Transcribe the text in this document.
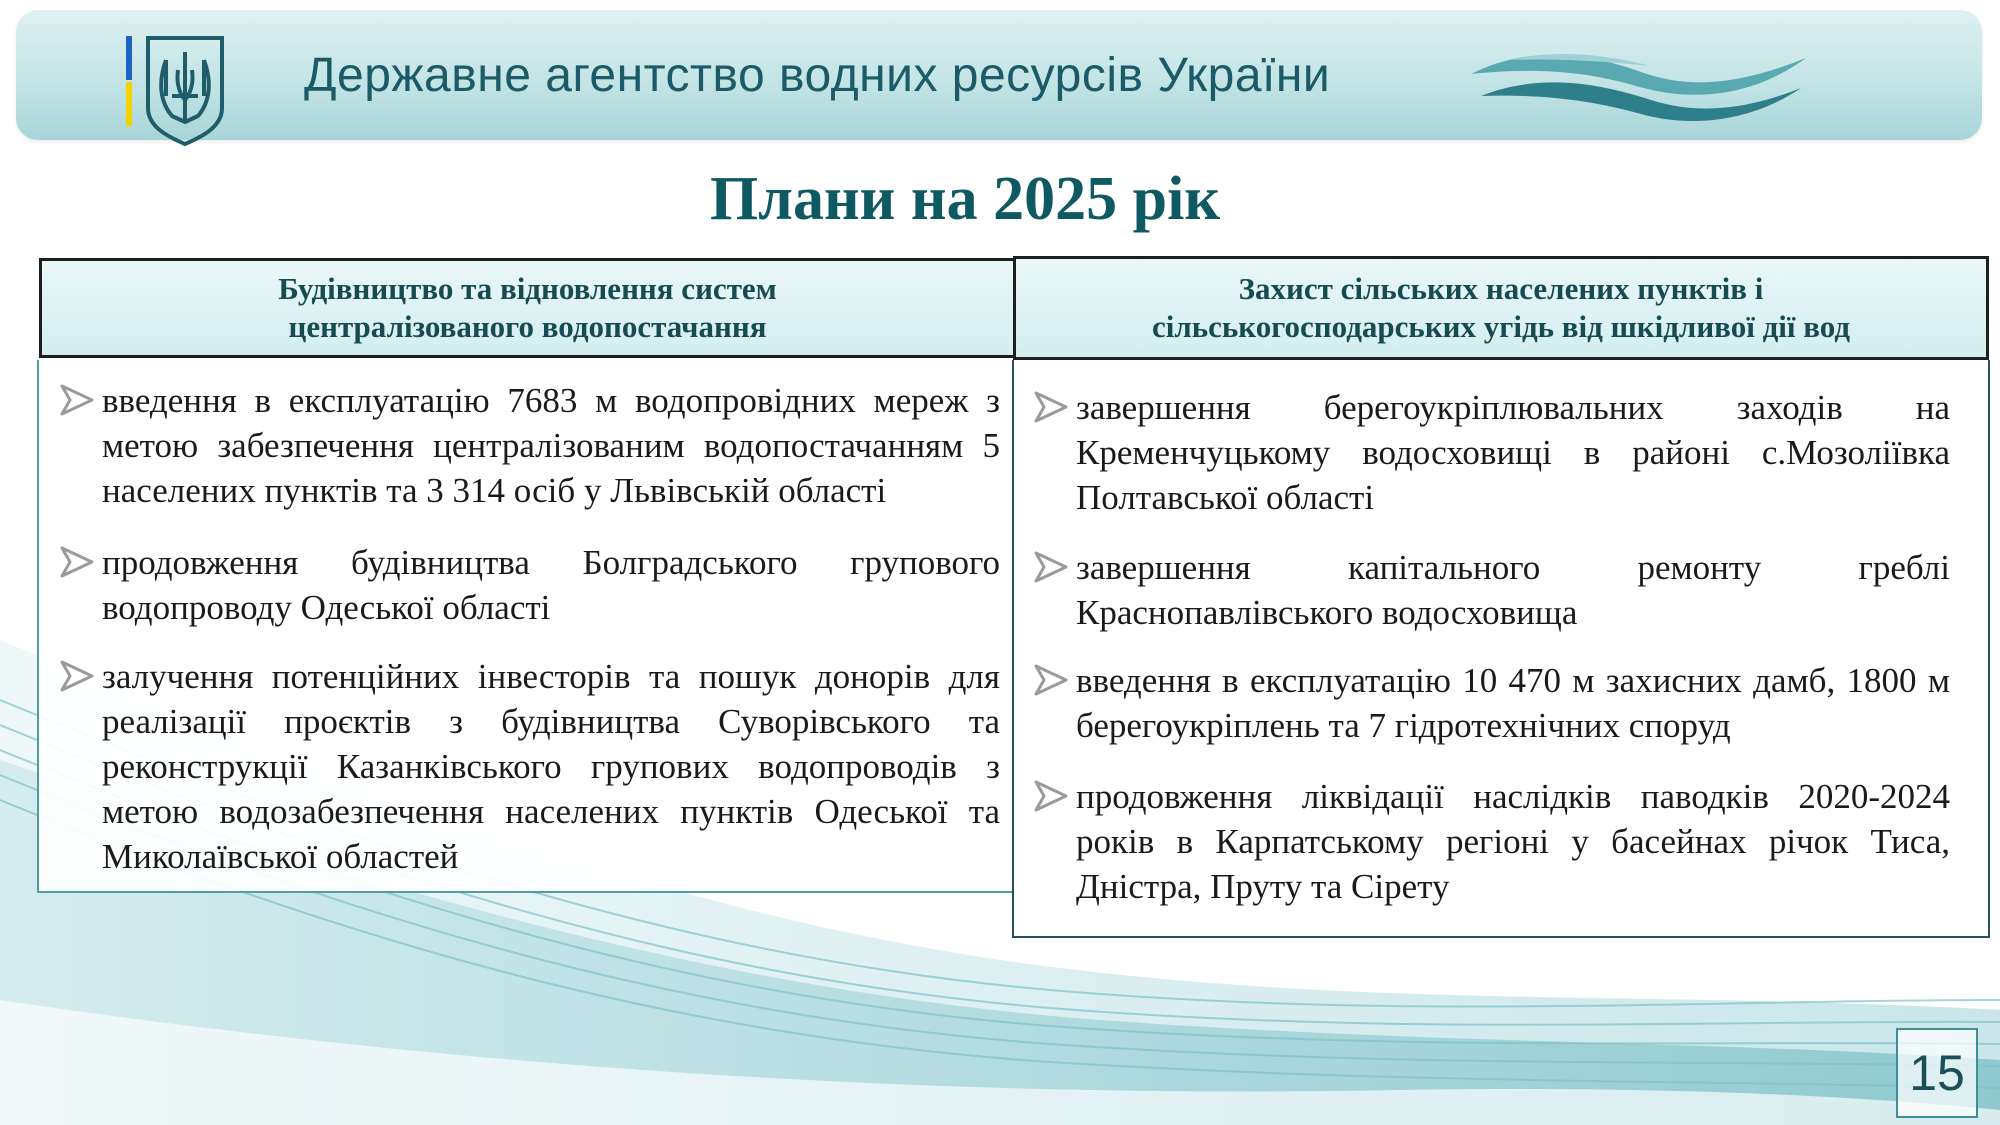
Державне агентство водних ресурсів України
Плани на 2025 рік
Будівництво та відновлення систем централізованого водопостачання
Захист сільських населених пунктів і сільськогосподарських угідь від шкідливої дії вод
введення в експлуатацію 7683 м водопровідних мереж з метою забезпечення централізованим водопостачанням 5 населених пунктів та 3 314 осіб у Львівській області
продовження будівництва Болградського групового водопроводу Одеської області
залучення потенційних інвесторів та пошук донорів для реалізації проєктів з будівництва Суворівського та реконструкції Казанківського групових водопроводів з метою водозабезпечення населених пунктів Одеської та Миколаївської областей
завершення берегоукріплювальних заходів на Кременчуцькому водосховищі в районі с.Мозоліївка Полтавської області
завершення капітального ремонту греблі Краснопавлівського водосховища
введення в експлуатацію 10 470 м захисних дамб, 1800 м берегоукріплень та 7 гідротехнічних споруд
продовження ліквідації наслідків паводків 2020-2024 років в Карпатському регіоні у басейнах річок Тиса, Дністра, Пруту та Сірету
15
